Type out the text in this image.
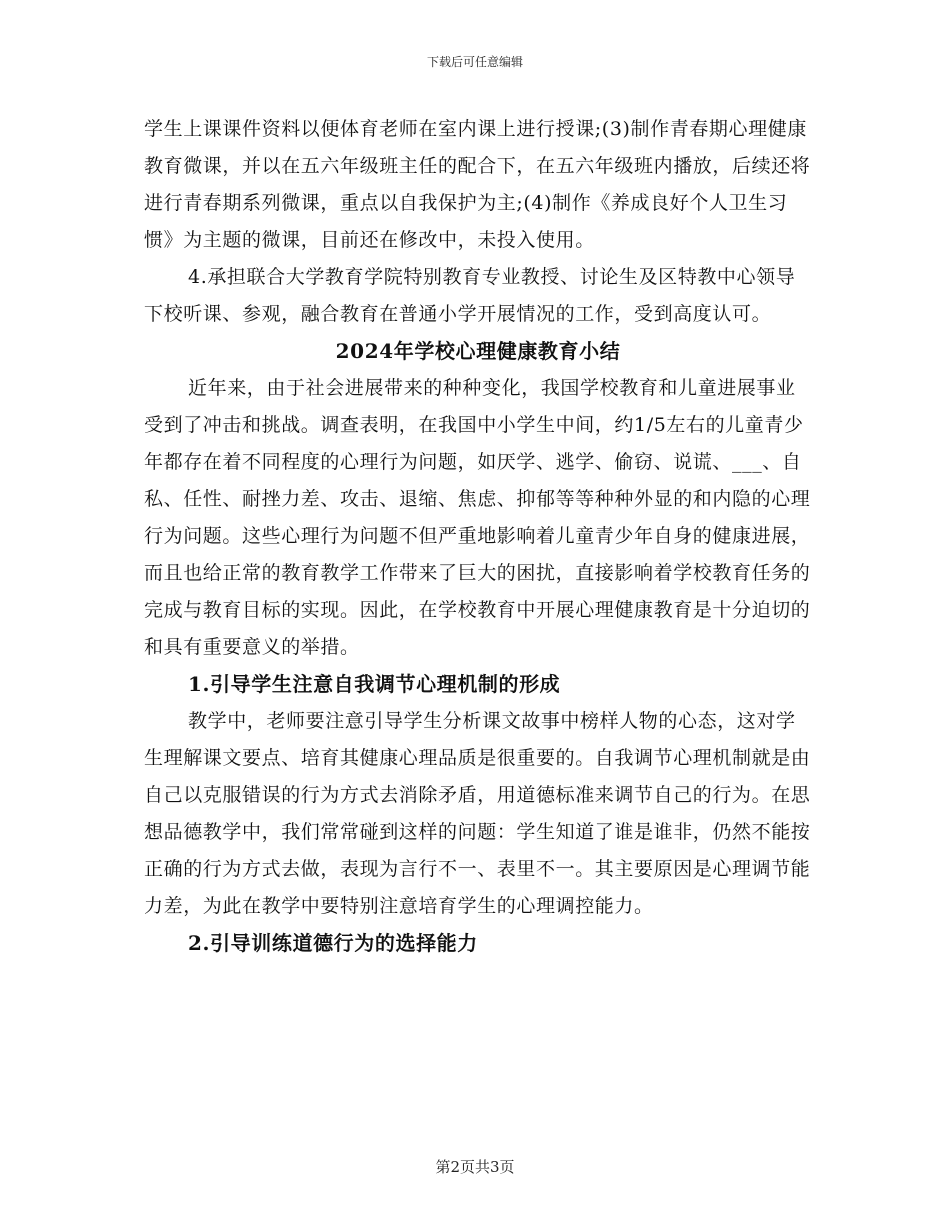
下载后可任意编辑

学生上课课件资料以便体育老师在室内课上进行授课;(3)制作青春期心理健康教育微课，并以在五六年级班主任的配合下，在五六年级班内播放，后续还将进行青春期系列微课，重点以自我保护为主;(4)制作《养成良好个人卫生习惯》为主题的微课，目前还在修改中，未投入使用。

4.承担联合大学教育学院特别教育专业教授、讨论生及区特教中心领导下校听课、参观，融合教育在普通小学开展情况的工作，受到高度认可。

2024年学校心理健康教育小结

近年来，由于社会进展带来的种种变化，我国学校教育和儿童进展事业受到了冲击和挑战。调查表明，在我国中小学生中间，约1/5左右的儿童青少年都存在着不同程度的心理行为问题，如厌学、逃学、偷窃、说谎、___、自私、任性、耐挫力差、攻击、退缩、焦虑、抑郁等等种种外显的和内隐的心理行为问题。这些心理行为问题不但严重地影响着儿童青少年自身的健康进展，而且也给正常的教育教学工作带来了巨大的困扰，直接影响着学校教育任务的完成与教育目标的实现。因此，在学校教育中开展心理健康教育是十分迫切的和具有重要意义的举措。

1.引导学生注意自我调节心理机制的形成

教学中，老师要注意引导学生分析课文故事中榜样人物的心态，这对学生理解课文要点、培育其健康心理品质是很重要的。自我调节心理机制就是由自己以克服错误的行为方式去消除矛盾，用道德标准来调节自己的行为。在思想品德教学中，我们常常碰到这样的问题：学生知道了谁是谁非，仍然不能按正确的行为方式去做，表现为言行不一、表里不一。其主要原因是心理调节能力差，为此在教学中要特别注意培育学生的心理调控能力。

2.引导训练道德行为的选择能力

第2页共3页
